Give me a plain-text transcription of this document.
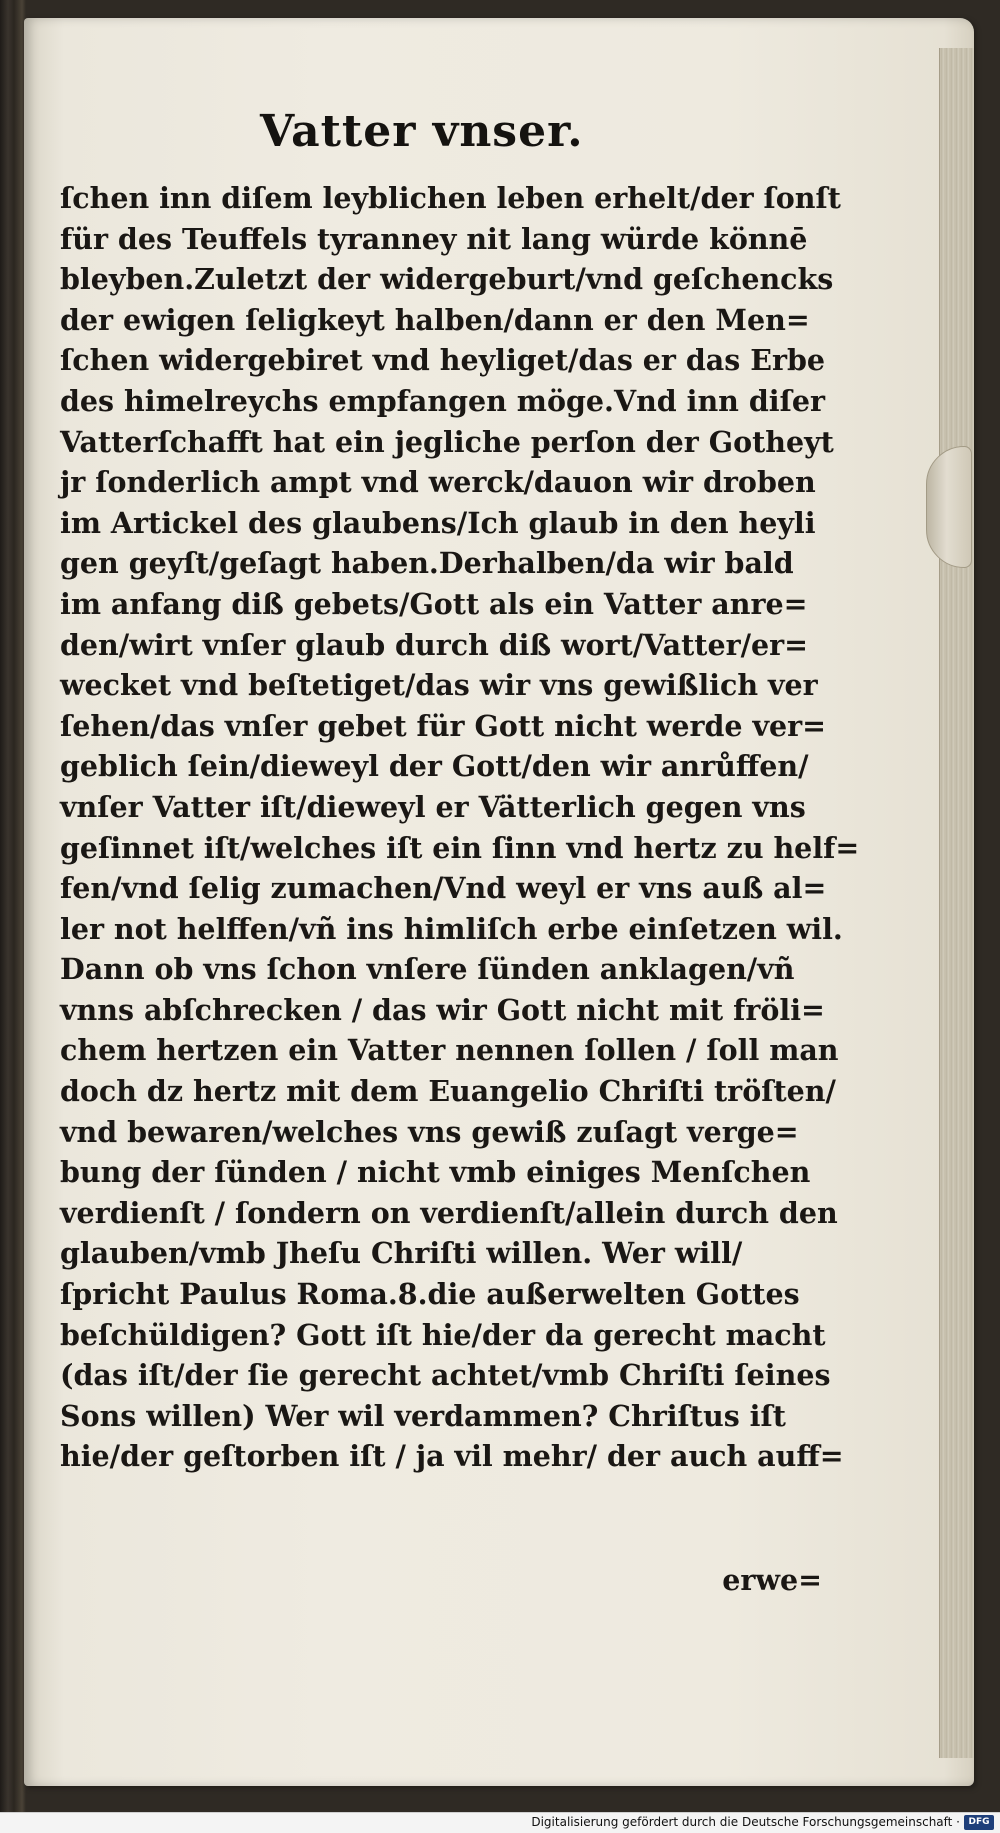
Vatter vnser.
ſchen inn diſem leyblichen leben erhelt/der ſonſt
für des Teuffels tyranney nit lang würde könnē
bleyben.Zuletzt der widergeburt/vnd geſchencks
der ewigen ſeligkeyt halben/dann er den Men=
ſchen widergebiret vnd heyliget/das er das Erbe
des himelreychs empfangen möge.Vnd inn diſer
Vatterſchafft hat ein jegliche perſon der Gotheyt
jr ſonderlich ampt vnd werck/dauon wir droben
im Artickel des glaubens/Ich glaub in den heyli
gen geyſt/geſagt haben.Derhalben/da wir bald
im anfang diß gebets/Gott als ein Vatter anre=
den/wirt vnſer glaub durch diß wort/Vatter/er=
wecket vnd beſtetiget/das wir vns gewißlich ver
ſehen/das vnſer gebet für Gott nicht werde ver=
geblich ſein/dieweyl der Gott/den wir anrůffen/
vnſer Vatter iſt/dieweyl er Vätterlich gegen vns
geſinnet iſt/welches iſt ein ſinn vnd hertz zu helf=
fen/vnd ſelig zumachen/Vnd weyl er vns auß al=
ler not helffen/vñ ins himliſch erbe einſetzen wil.
Dann ob vns ſchon vnſere ſünden anklagen/vñ
vnns abſchrecken / das wir Gott nicht mit fröli=
chem hertzen ein Vatter nennen ſollen / ſoll man
doch dz hertz mit dem Euangelio Chriſti tröſten/
vnd bewaren/welches vns gewiß zuſagt verge=
bung der ſünden / nicht vmb einiges Menſchen
verdienſt / ſondern on verdienſt/allein durch den
glauben/vmb Jheſu Chriſti willen. Wer will/
ſpricht Paulus Roma.8.die außerwelten Gottes
beſchüldigen? Gott iſt hie/der da gerecht macht
(das iſt/der ſie gerecht achtet/vmb Chriſti ſeines
Sons willen) Wer wil verdammen? Chriſtus iſt
hie/der geſtorben iſt / ja vil mehr/ der auch auff=
erwe=
Digitalisierung gefördert durch die Deutsche Forschungsgemeinschaft · DFG
